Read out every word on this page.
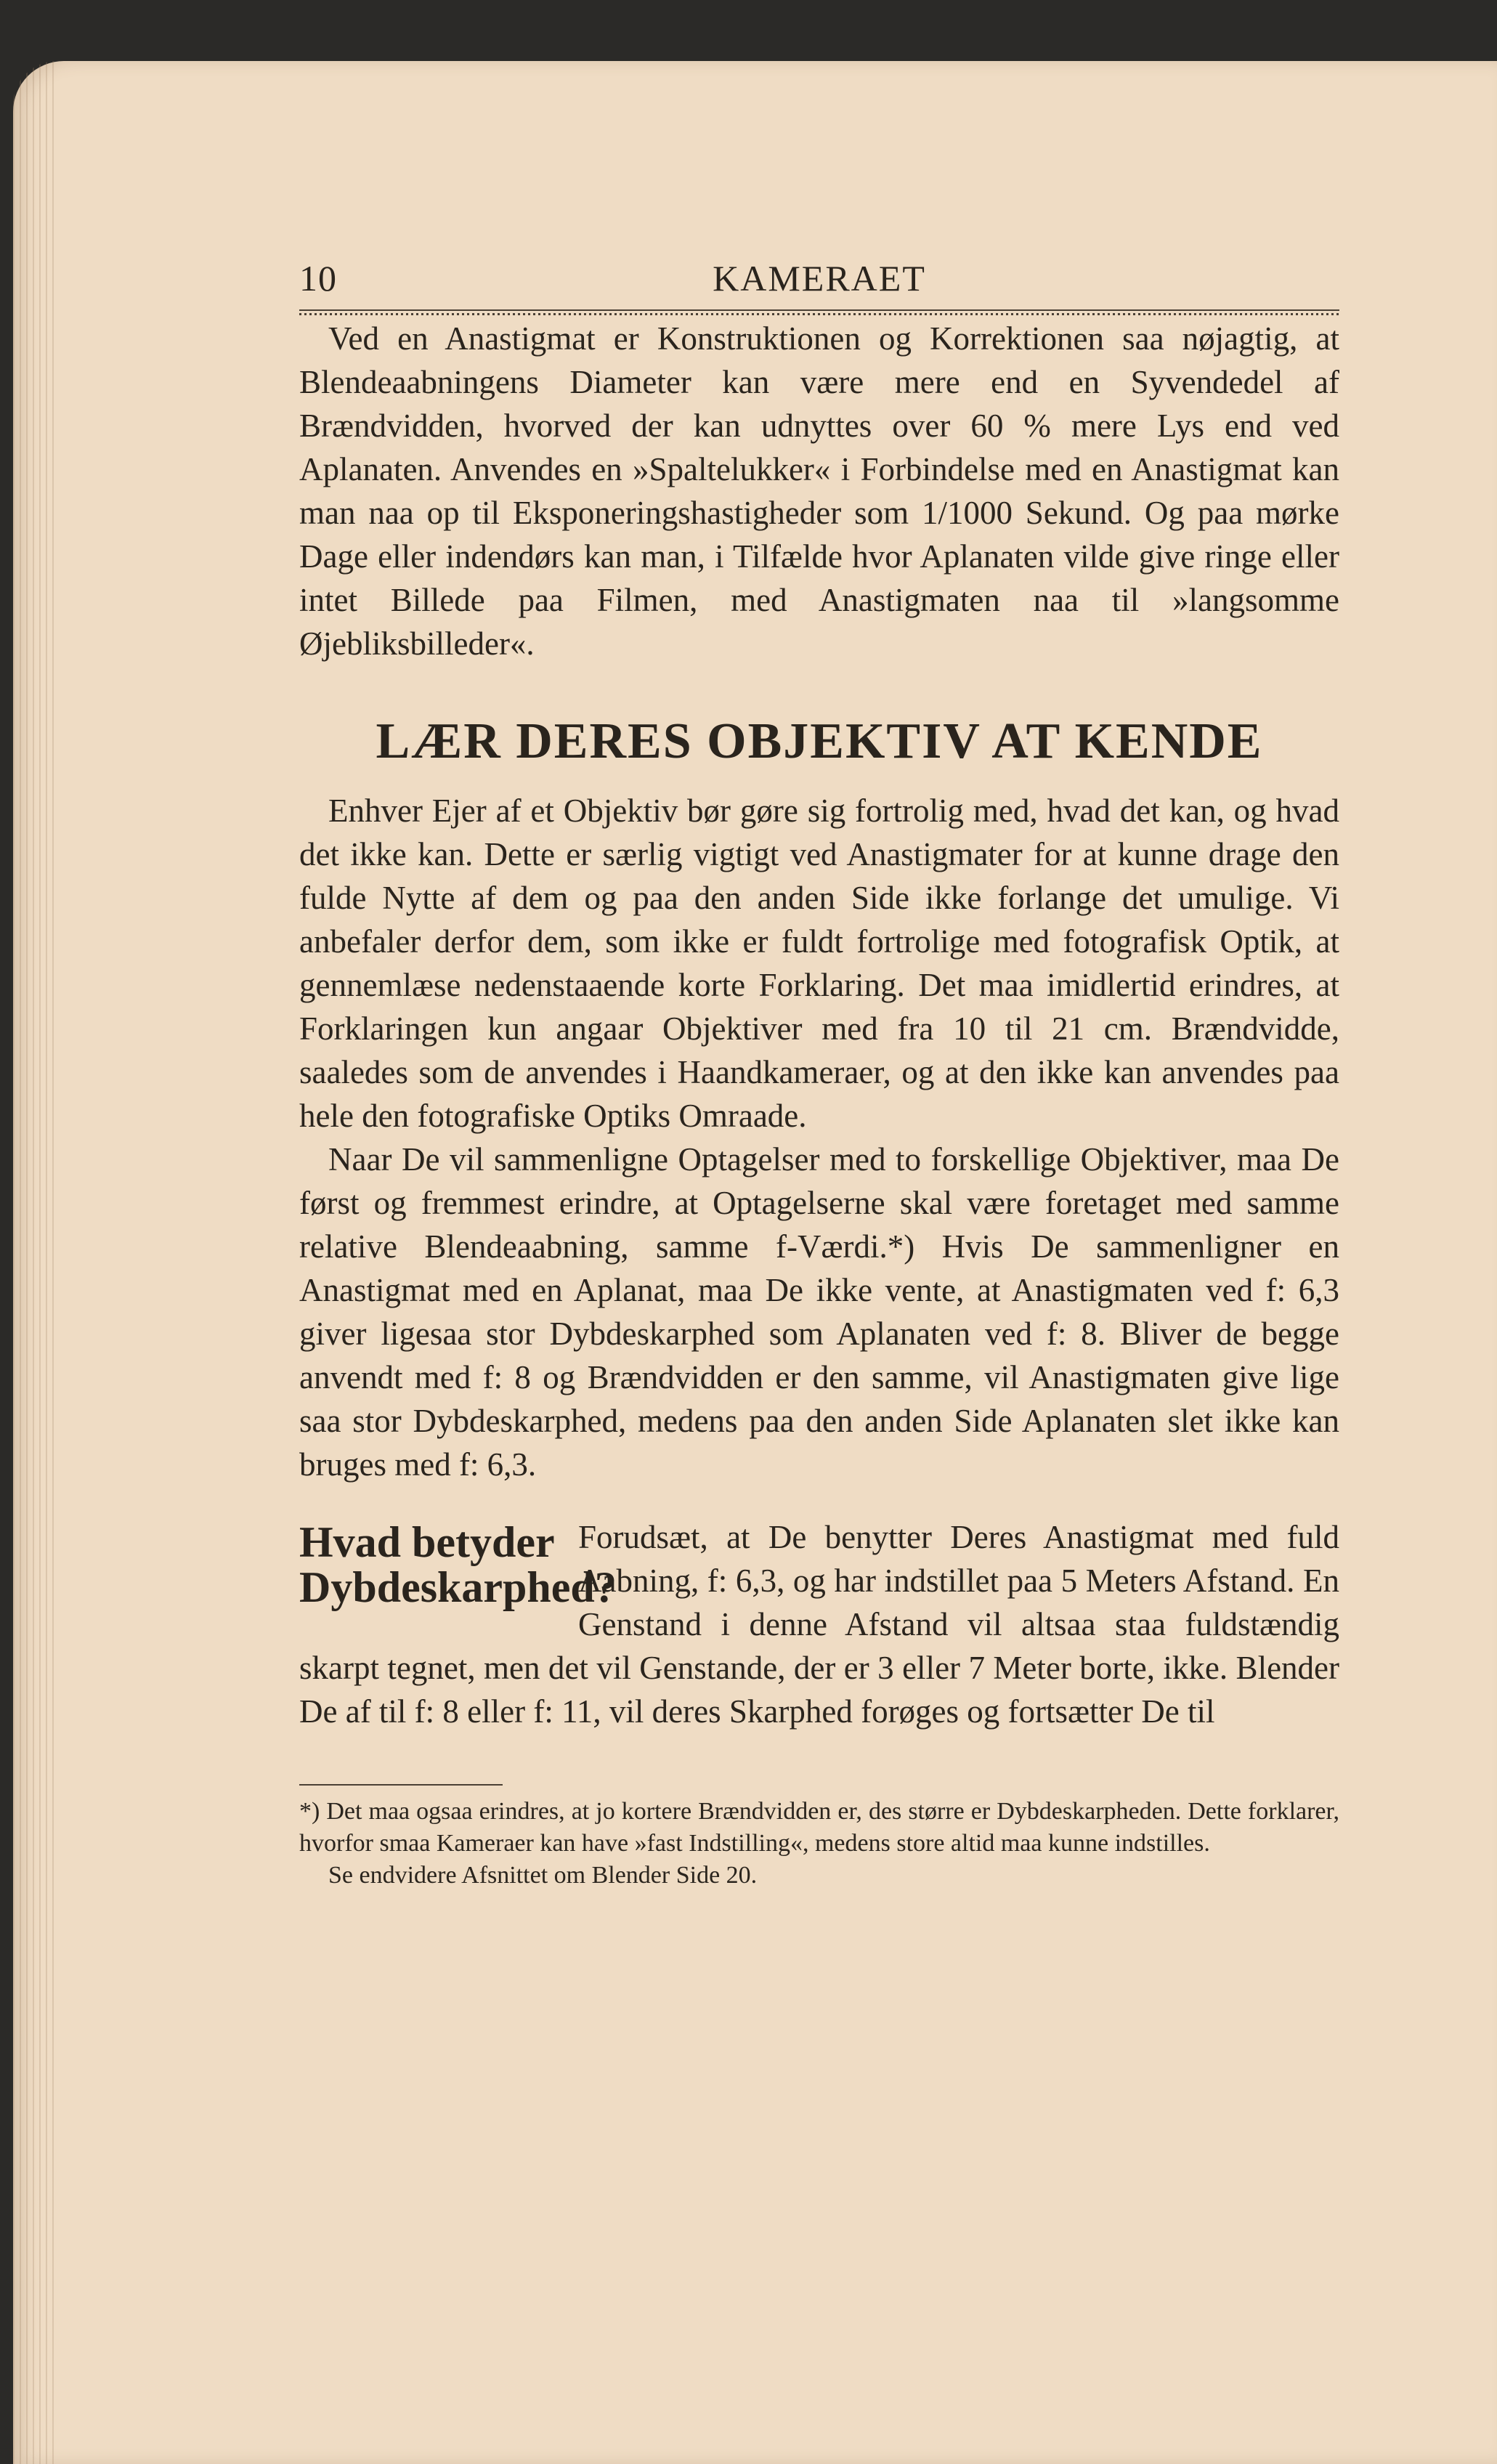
10	KAMERAET

Ved en Anastigmat er Konstruktionen og Korrektionen saa nøjagtig, at Blendeaabningens Diameter kan være mere end en Syvendedel af Brændvidden, hvorved der kan udnyttes over 60 % mere Lys end ved Aplanaten. Anvendes en »Spaltelukker« i Forbindelse med en Anastigmat kan man naa op til Eksponeringshastigheder som 1/1000 Sekund. Og paa mørke Dage eller indendørs kan man, i Tilfælde hvor Aplanaten vilde give ringe eller intet Billede paa Filmen, med Anastigmaten naa til »langsomme Øjebliksbilleder«.

LÆR DERES OBJEKTIV AT KENDE

Enhver Ejer af et Objektiv bør gøre sig fortrolig med, hvad det kan, og hvad det ikke kan. Dette er særlig vigtigt ved Anastigmater for at kunne drage den fulde Nytte af dem og paa den anden Side ikke forlange det umulige. Vi anbefaler derfor dem, som ikke er fuldt fortrolige med fotografisk Optik, at gennemlæse nedenstaaende korte Forklaring. Det maa imidlertid erindres, at Forklaringen kun angaar Objektiver med fra 10 til 21 cm. Brændvidde, saaledes som de anvendes i Haandkameraer, og at den ikke kan anvendes paa hele den fotografiske Optiks Omraade.

Naar De vil sammenligne Optagelser med to forskellige Objektiver, maa De først og fremmest erindre, at Optagelserne skal være foretaget med samme relative Blendeaabning, samme f-Værdi.*) Hvis De sammenligner en Anastigmat med en Aplanat, maa De ikke vente, at Anastigmaten ved f: 6,3 giver ligesaa stor Dybdeskarphed som Aplanaten ved f: 8. Bliver de begge anvendt med f: 8 og Brændvidden er den samme, vil Anastigmaten give lige saa stor Dybdeskarphed, medens paa den anden Side Aplanaten slet ikke kan bruges med f: 6,3.

Hvad betyder Dybdeskarphed?

Forudsæt, at De benytter Deres Anastigmat med fuld Aabning, f: 6,3, og har indstillet paa 5 Meters Afstand. En Genstand i denne Afstand vil altsaa staa fuldstændig skarpt tegnet, men det vil Genstande, der er 3 eller 7 Meter borte, ikke. Blender De af til f: 8 eller f: 11, vil deres Skarphed forøges og fortsætter De til

*) Det maa ogsaa erindres, at jo kortere Brændvidden er, des større er Dybdeskarpheden. Dette forklarer, hvorfor smaa Kameraer kan have »fast Indstilling«, medens store altid maa kunne indstilles.

Se endvidere Afsnittet om Blender Side 20.
